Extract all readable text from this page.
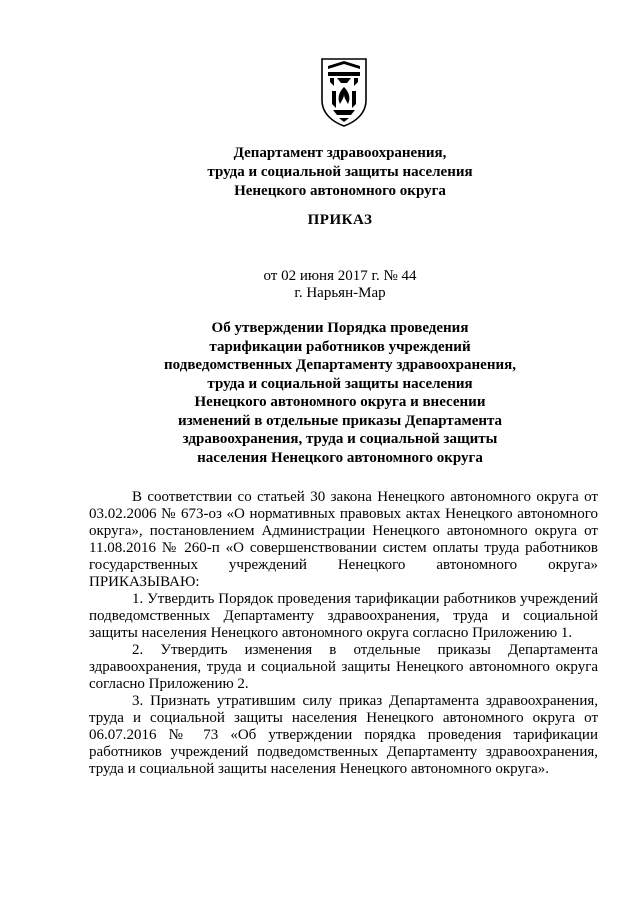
Департамент здравоохранения,
труда и социальной защиты населения
Ненецкого автономного округа
ПРИКАЗ
от 02 июня 2017 г. № 44
г. Нарьян-Мар
Об утверждении Порядка проведения
тарификации работников учреждений
подведомственных Департаменту здравоохранения,
труда и социальной защиты населения
Ненецкого автономного округа и внесении
изменений в отдельные приказы Департамента
здравоохранения, труда и социальной защиты
населения Ненецкого автономного округа

В соответствии со статьей 30 закона Ненецкого автономного округа от 03.02.2006 № 673-оз «О нормативных правовых актах Ненецкого автономного округа», постановлением Администрации Ненецкого автономного округа от 11.08.2016 № 260-п «О совершенствовании систем оплаты труда работников государственных учреждений Ненецкого автономного округа» ПРИКАЗЫВАЮ:

1. Утвердить Порядок проведения тарификации работников учреждений подведомственных Департаменту здравоохранения, труда и социальной защиты населения Ненецкого автономного округа согласно Приложению 1.

2. Утвердить изменения в отдельные приказы Департамента здравоохранения, труда и социальной защиты Ненецкого автономного округа согласно Приложению 2.

3. Признать утратившим силу приказ Департамента здравоохранения, труда и социальной защиты населения Ненецкого автономного округа от 06.07.2016 № 73 «Об утверждении порядка проведения тарификации работников учреждений подведомственных Департаменту здравоохранения, труда и социальной защиты населения Ненецкого автономного округа».
